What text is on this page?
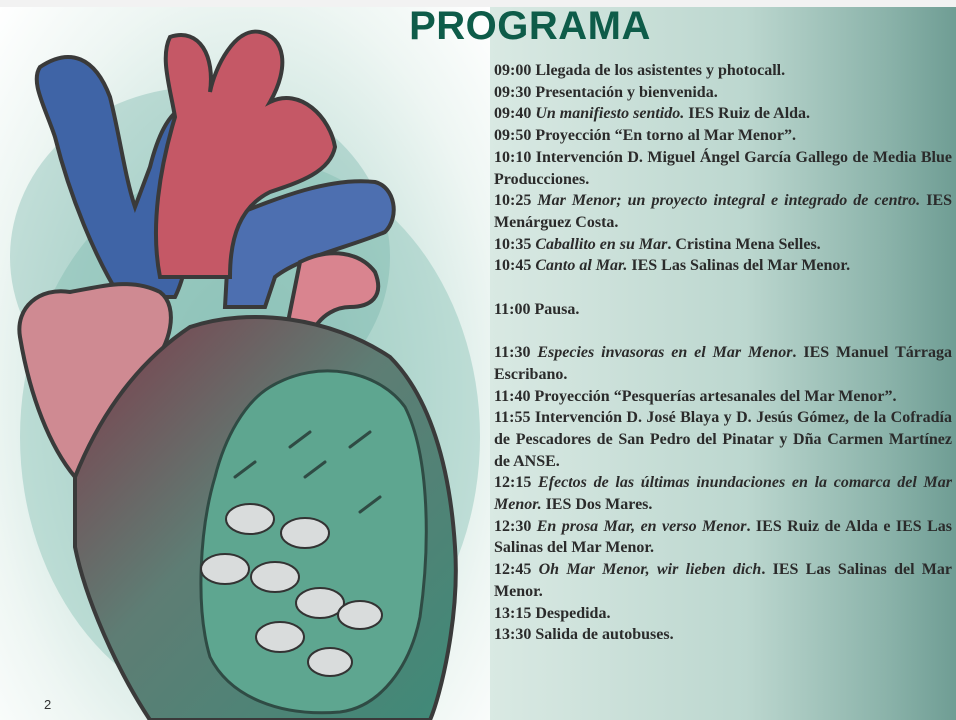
2
PROGRAMA
09:00 Llegada de los asistentes y photocall.
09:30 Presentación y bienvenida.
09:40 Un manifiesto sentido. IES Ruiz de Alda.
09:50 Proyección “En torno al Mar Menor”.
10:10 Intervención D. Miguel Ángel García Gallego de Media Blue Producciones.
10:25 Mar Menor; un proyecto integral e integrado de centro. IES Menárguez Costa.
10:35 Caballito en su Mar. Cristina Mena Selles.
10:45 Canto al Mar. IES Las Salinas del Mar Menor.
11:00 Pausa.
11:30 Especies invasoras en el Mar Menor. IES Manuel Tárraga Escribano.
11:40 Proyección “Pesquerías artesanales del Mar Menor”.
11:55 Intervención D. José Blaya y D. Jesús Gómez, de la Cofradía de Pescadores de San Pedro del Pinatar y Dña Carmen Martínez de ANSE.
12:15 Efectos de las últimas inundaciones en la comarca del Mar Menor. IES Dos Mares.
12:30 En prosa Mar, en verso Menor. IES Ruiz de Alda e IES Las Salinas del Mar Menor.
12:45 Oh Mar Menor, wir lieben dich. IES Las Salinas del Mar Menor.
13:15 Despedida.
13:30 Salida de autobuses.
